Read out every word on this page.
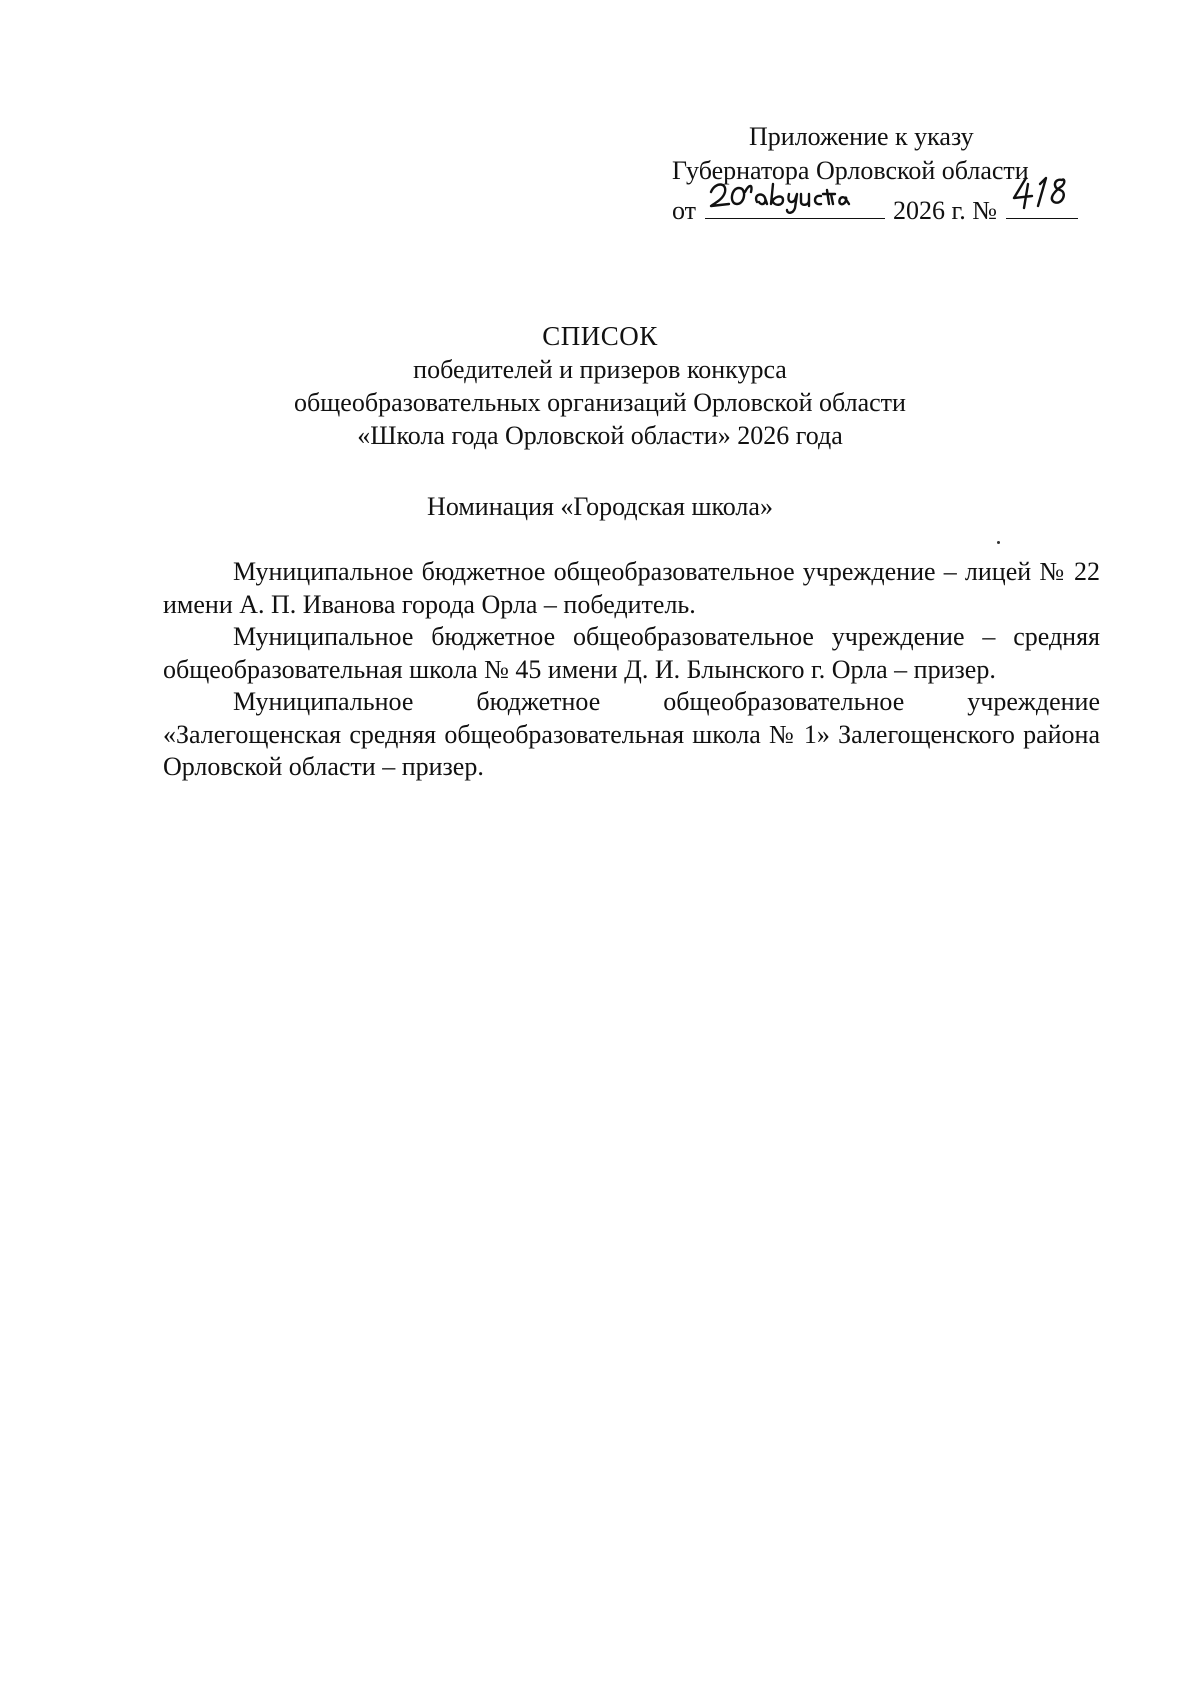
Приложение к указу
Губернатора Орловской области
от	2026 г. №
СПИСОК
победителей и призеров конкурса
общеобразовательных организаций Орловской области
«Школа года Орловской области» 2026 года
Номинация «Городская школа»

Муниципальное бюджетное общеобразовательное учреждение – лицей № 22 имени А. П. Иванова города Орла – победитель.

Муниципальное бюджетное общеобразовательное учреждение – средняя общеобразовательная школа № 45 имени Д. И. Блынского г. Орла – призер.

Муниципальное бюджетное общеобразовательное учреждение «Залегощенская средняя общеобразовательная школа № 1» Залегощенского района Орловской области – призер.
